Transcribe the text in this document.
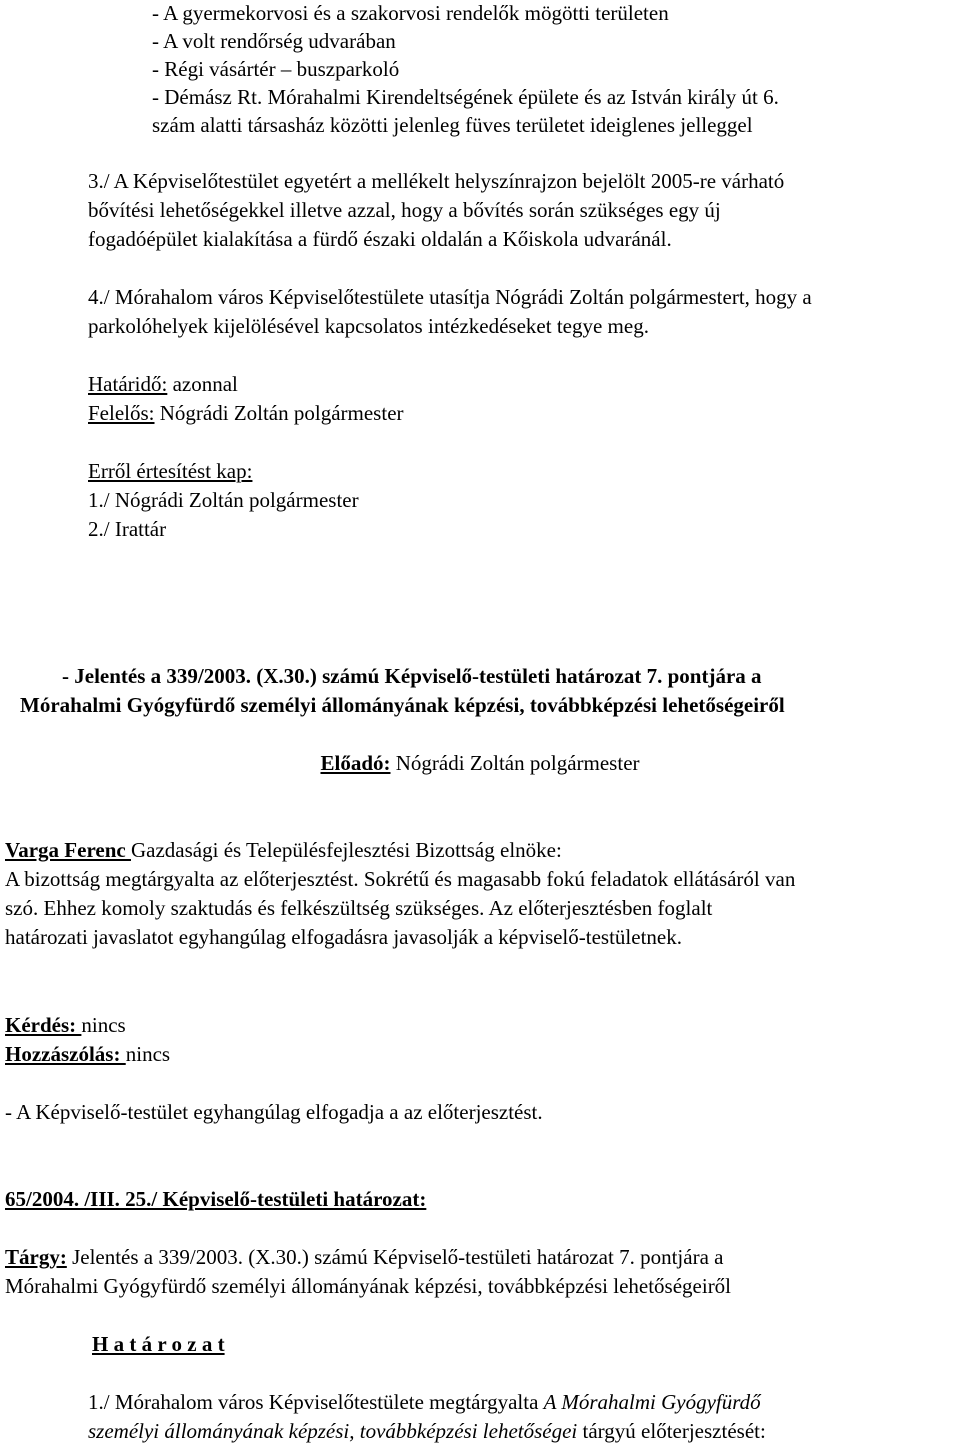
- A gyermekorvosi és a szakorvosi rendelők mögötti területen
- A volt rendőrség udvarában
- Régi vásártér – buszparkoló
- Démász Rt. Mórahalmi Kirendeltségének épülete és az István király út 6.
szám alatti társasház közötti jelenleg füves területet ideiglenes jelleggel
3./ A Képviselőtestület egyetért a mellékelt helyszínrajzon bejelölt 2005-re várható
bővítési lehetőségekkel illetve azzal, hogy a bővítés során szükséges egy új
fogadóépület kialakítása a fürdő északi oldalán a Kőiskola udvaránál.
4./ Mórahalom város Képviselőtestülete utasítja Nógrádi Zoltán polgármestert, hogy a
parkolóhelyek kijelölésével kapcsolatos intézkedéseket tegye meg.
Határidő: azonnal
Felelős: Nógrádi Zoltán polgármester
Erről értesítést kap:
1./ Nógrádi Zoltán polgármester
2./ Irattár
- Jelentés a 339/2003. (X.30.) számú Képviselő-testületi határozat 7. pontjára a
Mórahalmi Gyógyfürdő személyi állományának képzési, továbbképzési lehetőségeiről
Előadó: Nógrádi Zoltán polgármester
Varga Ferenc Gazdasági és Településfejlesztési Bizottság elnöke:
A bizottság megtárgyalta az előterjesztést. Sokrétű és magasabb fokú feladatok ellátásáról van
szó. Ehhez komoly szaktudás és felkészültség szükséges. Az előterjesztésben foglalt
határozati javaslatot egyhangúlag elfogadásra javasolják a képviselő-testületnek.
Kérdés: nincs
Hozzászólás: nincs
- A Képviselő-testület egyhangúlag elfogadja a az előterjesztést.
65/2004. /III. 25./ Képviselő-testületi határozat:
Tárgy: Jelentés a 339/2003. (X.30.) számú Képviselő-testületi határozat 7. pontjára a
Mórahalmi Gyógyfürdő személyi állományának képzési, továbbképzési lehetőségeiről
H a t á r o z a t
1./ Mórahalom város Képviselőtestülete megtárgyalta A Mórahalmi Gyógyfürdő
személyi állományának képzési, továbbképzési lehetőségei tárgyú előterjesztését:
